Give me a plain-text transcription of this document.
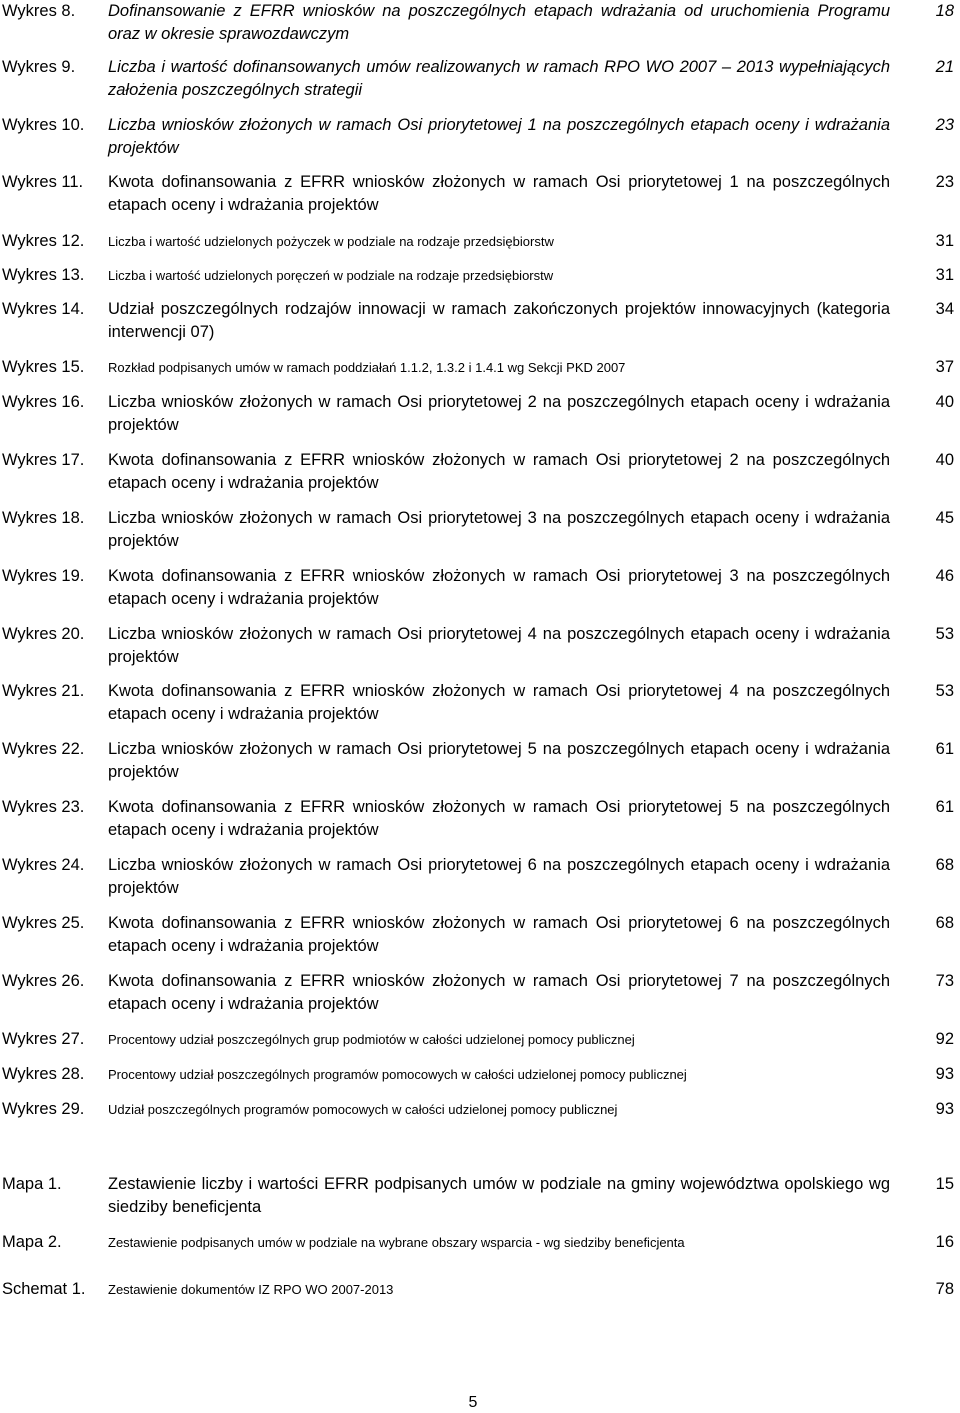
Wykres 8. Dofinansowanie z EFRR wniosków na poszczególnych etapach wdrażania od uruchomienia Programu oraz w okresie sprawozdawczym
18
Wykres 9. Liczba i wartość dofinansowanych umów realizowanych w ramach RPO WO 2007 – 2013 wypełniających założenia poszczególnych strategii
21
Wykres 10. Liczba wniosków złożonych w ramach Osi priorytetowej 1 na poszczególnych etapach oceny i wdrażania projektów
23
Wykres 11. Kwota dofinansowania z EFRR wniosków złożonych w ramach Osi priorytetowej 1 na poszczególnych etapach oceny i wdrażania projektów
23
Wykres 12. Liczba i wartość udzielonych pożyczek w podziale na rodzaje przedsiębiorstw	31
Wykres 13. Liczba i wartość udzielonych poręczeń w podziale na rodzaje przedsiębiorstw	31
Wykres 14. Udział poszczególnych rodzajów innowacji w ramach zakończonych projektów innowacyjnych (kategoria interwencji 07)
34
Wykres 15. Rozkład podpisanych umów w ramach poddziałań 1.1.2, 1.3.2 i 1.4.1 wg Sekcji PKD 2007	37
Wykres 16. Liczba wniosków złożonych w ramach Osi priorytetowej 2 na poszczególnych etapach oceny i wdrażania projektów
40
Wykres 17. Kwota dofinansowania z EFRR wniosków złożonych w ramach Osi priorytetowej 2 na poszczególnych etapach oceny i wdrażania projektów
40
Wykres 18. Liczba wniosków złożonych w ramach Osi priorytetowej 3 na poszczególnych etapach oceny i wdrażania projektów
45
Wykres 19. Kwota dofinansowania z EFRR wniosków złożonych w ramach Osi priorytetowej 3 na poszczególnych etapach oceny i wdrażania projektów
46
Wykres 20. Liczba wniosków złożonych w ramach Osi priorytetowej 4 na poszczególnych etapach oceny i wdrażania projektów
53
Wykres 21. Kwota dofinansowania z EFRR wniosków złożonych w ramach Osi priorytetowej 4 na poszczególnych etapach oceny i wdrażania projektów
53
Wykres 22. Liczba wniosków złożonych w ramach Osi priorytetowej 5 na poszczególnych etapach oceny i wdrażania projektów
61
Wykres 23. Kwota dofinansowania z EFRR wniosków złożonych w ramach Osi priorytetowej 5 na poszczególnych etapach oceny i wdrażania projektów
61
Wykres 24. Liczba wniosków złożonych w ramach Osi priorytetowej 6 na poszczególnych etapach oceny i wdrażania projektów
68
Wykres 25. Kwota dofinansowania z EFRR wniosków złożonych w ramach Osi priorytetowej 6 na poszczególnych etapach oceny i wdrażania projektów
68
Wykres 26. Kwota dofinansowania z EFRR wniosków złożonych w ramach Osi priorytetowej 7 na poszczególnych etapach oceny i wdrażania projektów
73
Wykres 27. Procentowy udział poszczególnych grup podmiotów w całości udzielonej pomocy publicznej	92
Wykres 28. Procentowy udział poszczególnych programów pomocowych w całości udzielonej pomocy publicznej	93
Wykres 29. Udział poszczególnych programów pomocowych w całości udzielonej pomocy publicznej	93
Mapa 1.	Zestawienie liczby i wartości EFRR podpisanych umów w podziale na gminy województwa opolskiego wg siedziby beneficjenta
15
Mapa 2.	Zestawienie podpisanych umów w podziale na wybrane obszary wsparcia - wg siedziby beneficjenta	16
Schemat 1. Zestawienie dokumentów IZ RPO WO 2007-2013	78
5
